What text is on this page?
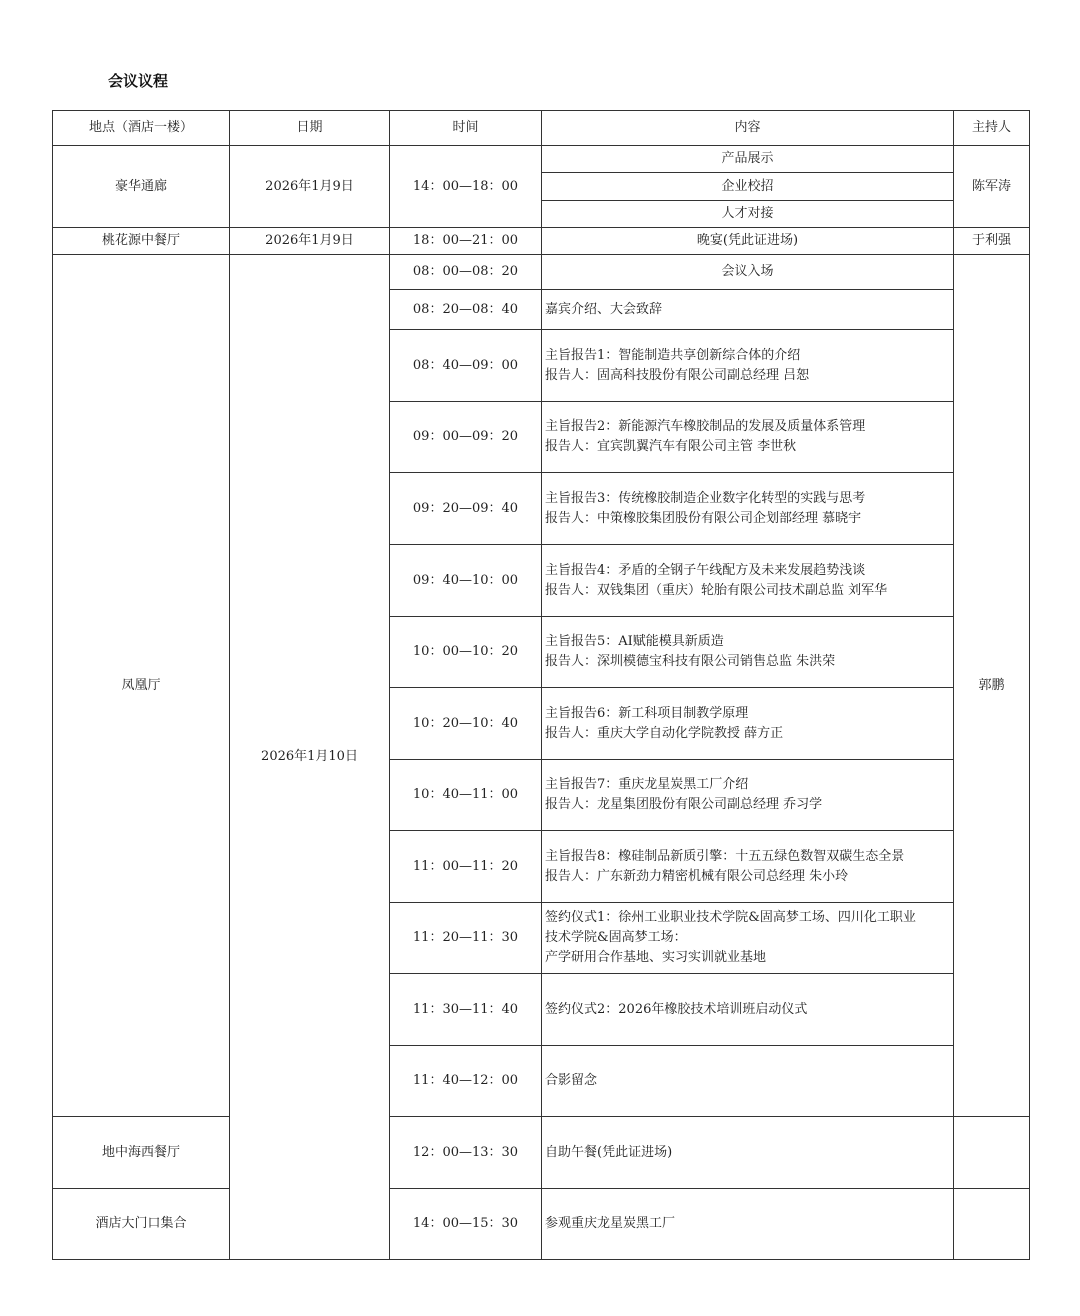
会议议程
地点（酒店一楼）	日期	时间	内容	主持人
豪华通廊	2026年1月9日	14：00—18：00	产品展示	陈军涛
			企业校招	
			人才对接	
桃花源中餐厅	2026年1月9日	18：00—21：00	晚宴(凭此证进场)	于利强
凤凰厅	2026年1月10日	08：00—08：20	会议入场	郭鹏
		08：20—08：40	嘉宾介绍、大会致辞	

		08：40—09：00	主旨报告1：智能制造共享创新综合体的介绍
报告人：固高科技股份有限公司副总经理 吕恕	

		09：00—09：20	主旨报告2：新能源汽车橡胶制品的发展及质量体系管理
报告人：宜宾凯翼汽车有限公司主管 李世秋	

		09：20—09：40	主旨报告3：传统橡胶制造企业数字化转型的实践与思考
报告人：中策橡胶集团股份有限公司企划部经理 慕晓宇	

		09：40—10：00	主旨报告4：矛盾的全钢子午线配方及未来发展趋势浅谈
报告人：双钱集团（重庆）轮胎有限公司技术副总监 刘军华	

		10：00—10：20	主旨报告5：AI赋能模具新质造
报告人：深圳模德宝科技有限公司销售总监 朱洪荣	

		10：20—10：40	主旨报告6：新工科项目制教学原理
报告人：重庆大学自动化学院教授 薛方正	

		10：40—11：00	主旨报告7：重庆龙星炭黑工厂介绍
报告人：龙星集团股份有限公司副总经理 乔习学	

		11：00—11：20	主旨报告8：橡硅制品新质引擎：十五五绿色数智双碳生态全景
报告人：广东新劲力精密机械有限公司总经理 朱小玲	

		11：20—11：30	签约仪式1：徐州工业职业技术学院&固高梦工场、四川化工职业
技术学院&固高梦工场：
产学研用合作基地、实习实训就业基地	

		11：30—11：40	签约仪式2：2026年橡胶技术培训班启动仪式	

		11：40—12：00	合影留念	

地中海西餐厅		12：00—13：30	自助午餐(凭此证进场)	

酒店大门口集合		14：00—15：30	参观重庆龙星炭黑工厂	
